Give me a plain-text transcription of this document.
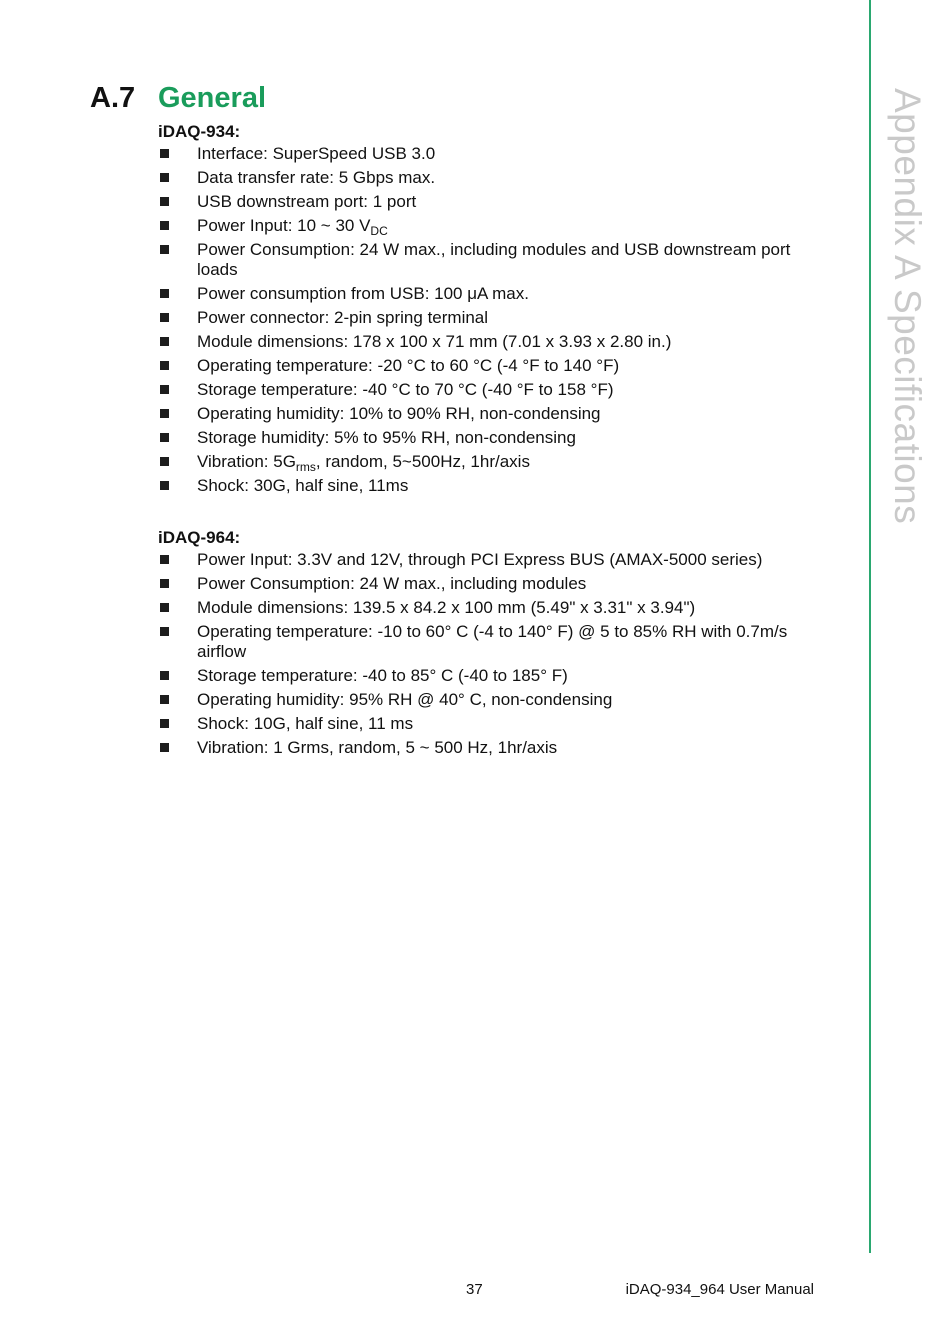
Appendix A Specifications
A.7 General

iDAQ-934:

Interface: SuperSpeed USB 3.0
Data transfer rate: 5 Gbps max.
USB downstream port: 1 port
Power Input: 10 ~ 30 $V_{DC}$
Power Consumption: 24 W max., including modules and USB downstream port loads
Power consumption from USB: 100 μA max.
Power connector: 2-pin spring terminal
Module dimensions: 178 x 100 x 71 mm (7.01 x 3.93 x 2.80 in.)
Operating temperature: -20 °C to 60 °C (-4 °F to 140 °F)
Storage temperature: -40 °C to 70 °C (-40 °F to 158 °F)
Operating humidity: 10% to 90% RH, non-condensing
Storage humidity: 5% to 95% RH, non-condensing
Vibration: $5G_{rms}$, random, 5~500Hz, 1hr/axis
Shock: 30G, half sine, 11ms

iDAQ-964:

Power Input: 3.3V and 12V, through PCI Express BUS (AMAX-5000 series)
Power Consumption: 24 W max., including modules
Module dimensions: 139.5 x 84.2 x 100 mm (5.49" x 3.31" x 3.94")
Operating temperature: -10 to 60° C (-4 to 140° F) @ 5 to 85% RH with 0.7m/s airflow
Storage temperature: -40 to 85° C (-40 to 185° F)
Operating humidity: 95% RH @ 40° C, non-condensing
Shock: 10G, half sine, 11 ms
Vibration: 1 Grms, random, 5 ~ 500 Hz, 1hr/axis
37	iDAQ-934_964 User Manual
